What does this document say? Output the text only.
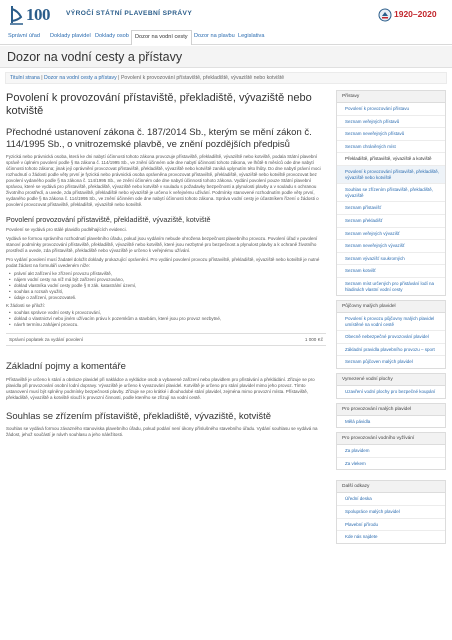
100 VÝROČÍ STÁTNÍ PLAVEBNÍ SPRÁVY	1920–2020
Správní úřad Doklady plavidel Doklady osob	Dozor na vodní cesty	Dozor na plavbu Legislativa
Dozor na vodní cesty a přístavy
Titulní strana | Dozor na vodní cesty a přístavy | Povolení k provozování přístaviště, překladiště, vývaziště nebo kotviště
Povolení k provozování přístaviště, překladiště, vývaziště nebo kotviště
Přechodné ustanovení zákona č. 187/2014 Sb., kterým se mění zákon č. 114/1995 Sb., o vnitrozemské plavbě, ve znění pozdějších předpisů

Fyzická nebo právnická osoba, která ke dni nabytí účinnosti tohoto zákona provozuje přístaviště, překladiště, vývaziště nebo kotviště, podala Státní plavební správě v úplném povolení podle § 8a zákona č. 114/1995 Sb., ve znění účinném ode dne nabytí účinnosti tohoto zákona, ve lhůtě 6 měsíců ode dne nabytí účinnosti tohoto zákona; jinak její oprávnění provozovat přístaviště, překladiště, vývaziště nebo kotviště zaniká uplynutím této lhůty. Do dne nabytí právní moci rozhodnutí o žádosti podle věty první je fyzická nebo právnická osoba oprávněna provozovat přístaviště, překladiště, vývaziště nebo kotviště provozovat bez povolení vydaného podle § 8a zákona č. 114/1995 Sb., ve znění účinném ode dne nabytí účinnosti tohoto zákona. Vydání povolení pouze Státní plavební správou, které se vydává pro přístaviště, překladiště, vývaziště nebo kotviště v souladu s požadavky bezpečnosti a plynulosti plavby a v souladu s ochranou životního prostředí, a uvede, zda přístaviště, překladiště nebo vývaziště je určeno k veřejnému užívání. Podmínky stanovené rozhodnutím podle věty první, vydaného podle § 8a zákona č. 114/1995 Sb., ve znění účinném ode dne nabytí účinnosti tohoto zákona. Správa vodní cesty je účastníkem řízení o žádosti o povolení provozovat přístaviště, překladiště, vývaziště nebo kotviště.

Povolení provozování přístaviště, překladiště, vývaziště, kotviště

Povolení se vydává pro stálé plavidlo podléhajících evidenci.

Vydává se formou správního rozhodnutí plavebního úřadu, pokud jsou vydáním nebude ohrožena bezpečnost plavebního provozu. Povolení úřad v povolení stanoví podmínky provozování přístaviště, překladiště, vývaziště nebo kotviště, které jsou nezbytné pro bezpečnost a plynulost plavby a k ochraně životního prostředí a uvede, zda přístaviště, překladiště nebo vývaziště je určeno k veřejnému užívání.

Pro vydání povolení musí žadatel doložit doklady prokazující oprávnění. Pro vydání povolení provozu přístaviště, překladiště, vývaziště nebo kotviště je nutné podat žádost na formuláři uvedeném níže:

• právní akt zařízení ke zřízení provozu přístaviště,
• nájem vodní cesty na níž má být zařízení provozováno,
• doklad vlastníka vodní cesty podle § 8 zák. katastrální území,
• souhlas a rozsah využití,
• údaje o zařízení, provozovateli.

K žádosti se přiloží:

• souhlas správce vodní cesty k provozování,
• doklad o vlastnictví nebo jiném užívacím právu k pozemkům a stavbám, které jsou pro provoz nezbytné,
• návrh termínu zahájení provozu.
Správní poplatek za vydání povolení	1 000 Kč
Základní pojmy a komentáře

Přístaviště je určeno k stání a obsluze plavidel při nakládce a vykládce osob a vybavené zařízení nebo plavidlem pro přistávání a překládání. Zřizuje se pro plavidla při provozování osobní lodní dopravy. Vývaziště je určeno k vyvazování plavidel. Kotviště je určeno pro stání plavidel mimo jeho provoz. Tímto ustanovení musí být splněny podmínky bezpečnosti plavby. Zřizuje se pro krátké i dlouhodobé stání plavidel, zejména mimo provozní místa. Přístaviště, překladiště, vývaziště a kotviště slouží k provozní činnosti, podle kterého se zřizují na vodní cestě.

Souhlas se zřízením přístaviště, překladiště, vývaziště, kotviště

Souhlas se vydává formou závazného stanoviska plavebního úřadu, pokud podání není úkony příslušného stavebního úřadu. Vydání souhlasu se vydává na žádost, jehož součástí je návrh souhlasu a jeho náležitosti.

Přístavy
Povolení k provozování přístavu
Seznam veřejných přístavů
Seznam neveřejných přístavů
Seznam chráněných míst
Překladiště, přístaviště, vývaziště a kotviště
Povolení k provozování přístaviště, překladiště, vývaziště nebo kotviště
Souhlas se zřízením přístaviště, překladiště, vývaziště
Seznam přístavišť
Seznam překladišť
Seznam veřejných vývazišť
Seznam neveřejných vývazišť
Seznam vývazišť soukromých
Seznam kotvišť
Seznam míst určených pro přistávání lodí na hladinách vlastní vodní cesty
Půjčovny malých plavidel
Povolení k provozu půjčovny malých plavidel umístěné na vodní cestě
Obecně nebezpečné provozování plavidel
Základní pravidla plavebního provozu – sport
Seznam půjčoven malých plavidel
Vymezené vodní plochy
Uzavření vodní plochy pro bezpečné koupání
Pro provozování malých plavidel
Mělá pávidla
Pro provozování vodního vyžívání
Za plavidem
Za vlekem
Další odkazy
Úřední deska
Spolupráce malých plavidel
Plavební přírodu
Kde nás najdete
